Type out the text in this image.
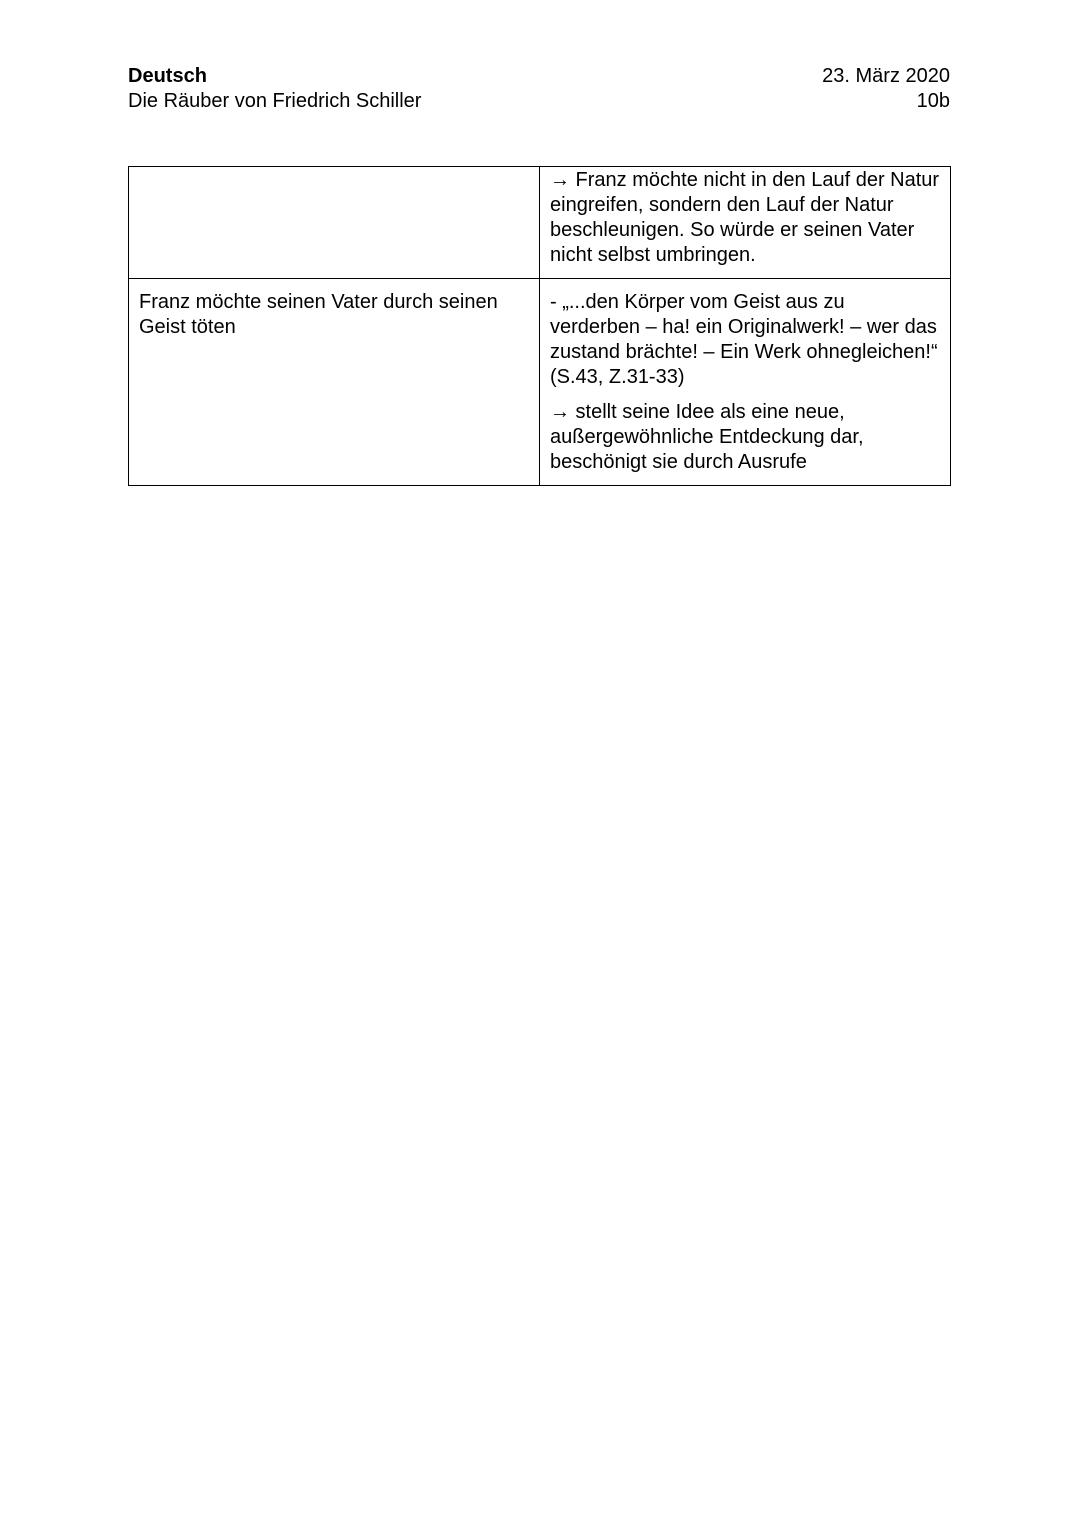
Deutsch
Die Räuber von Friedrich Schiller
23. März 2020
10b

	→ Franz möchte nicht in den Lauf der Natur eingreifen, sondern den Lauf der Natur beschleunigen. So würde er seinen Vater nicht selbst umbringen.

Franz möchte seinen Vater durch seinen Geist töten	- „...den Körper vom Geist aus zu verderben – ha! ein Originalwerk! – wer das zustand brächte! – Ein Werk ohnegleichen!“ (S.43, Z.31-33)

→ stellt seine Idee als eine neue, außergewöhnliche Entdeckung dar, beschönigt sie durch Ausrufe
